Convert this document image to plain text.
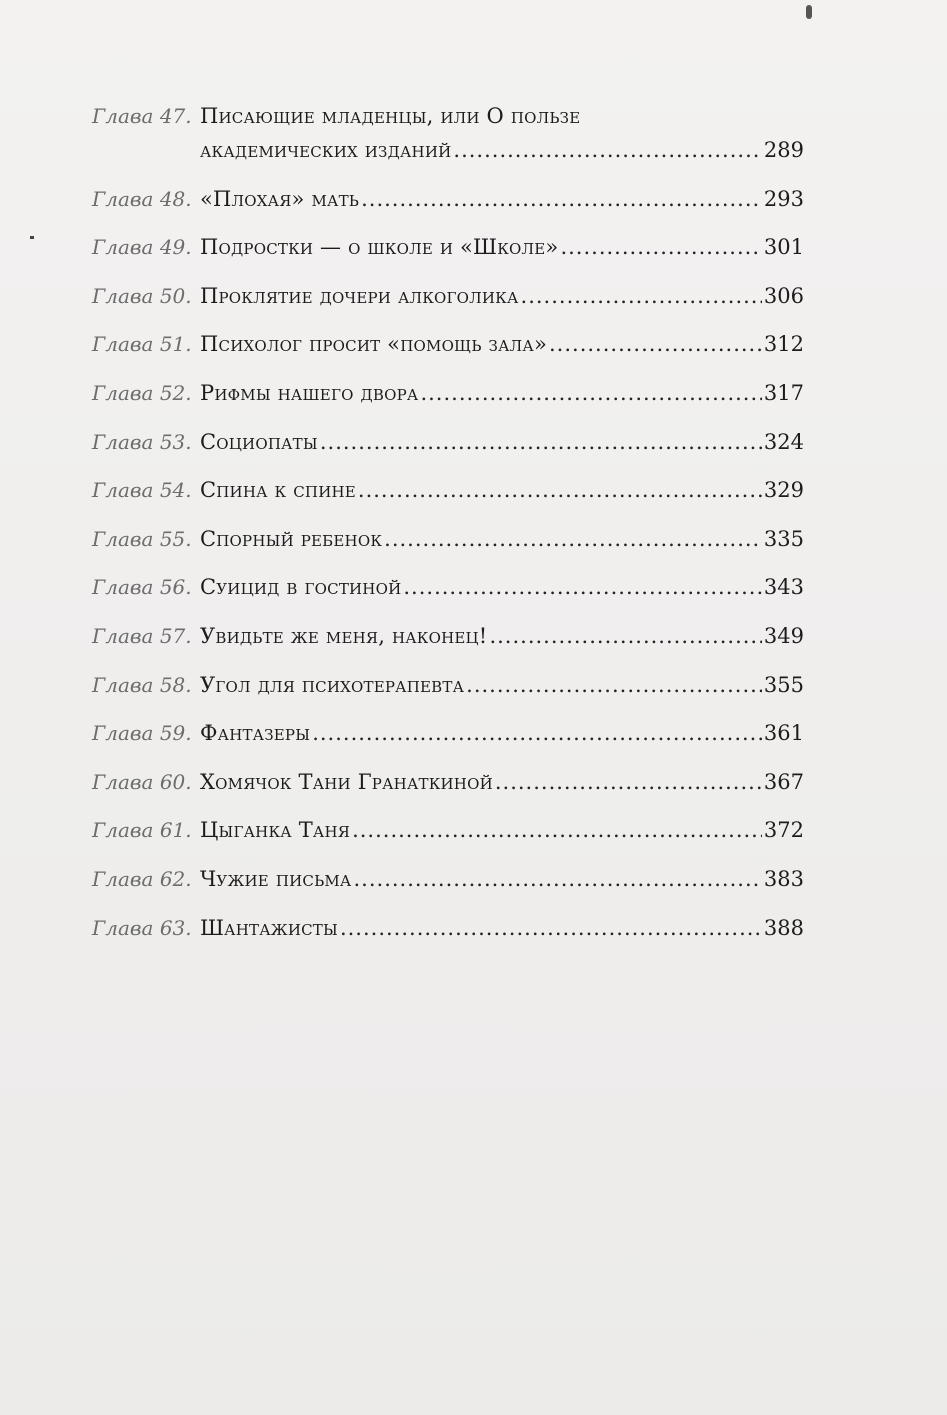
Глава 47. Писающие младенцы, или О пользе
академических изданий .....	289
Глава 48. «Плохая» мать .....	293
Глава 49. Подростки — о школе и «Школе» .....	301
Глава 50. Проклятие дочери алкоголика .....	306
Глава 51. Психолог просит «помощь зала» .....	312
Глава 52. Рифмы нашего двора .....	317
Глава 53. Социопаты .....	324
Глава 54. Спина к спине .....	329
Глава 55. Спорный ребенок .....	335
Глава 56. Суицид в гостиной .....	343
Глава 57. Увидьте же меня, наконец! .....	349
Глава 58. Угол для психотерапевта .....	355
Глава 59. Фантазеры .....	361
Глава 60. Хомячок Тани Гранаткиной .....	367
Глава 61. Цыганка Таня .....	372
Глава 62. Чужие письма .....	383
Глава 63. Шантажисты .....	388
